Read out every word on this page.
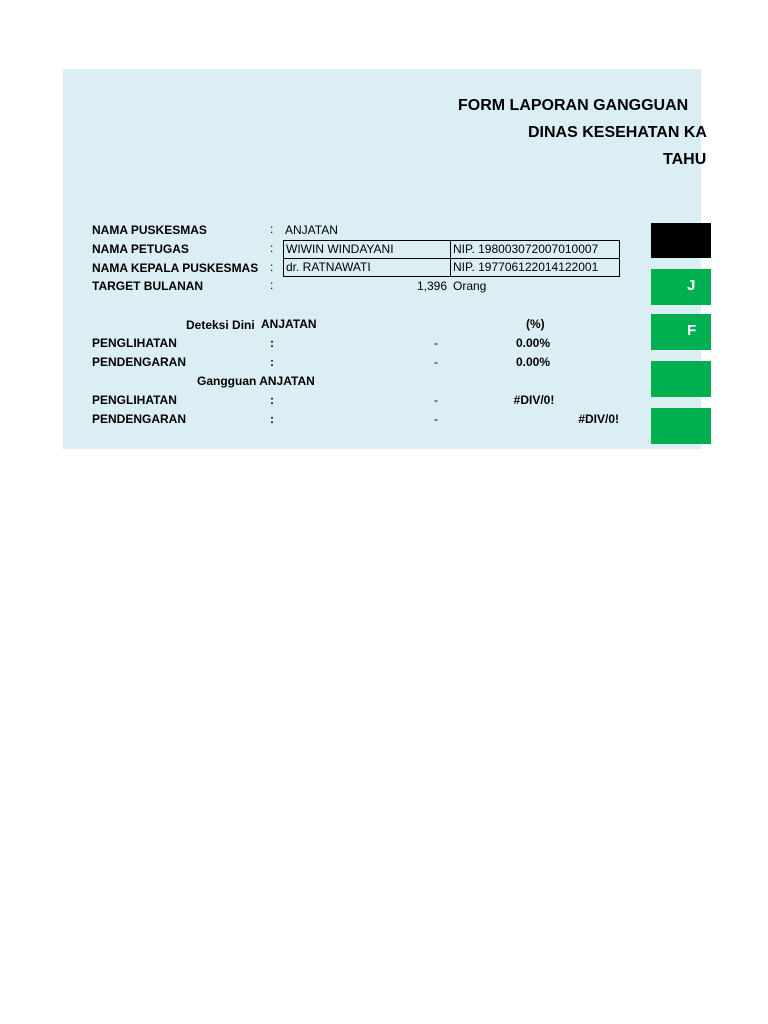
FORM LAPORAN GANGGUAN
DINAS KESEHATAN KA
TAHU
NAMA PUSKESMAS	: ANJATAN
NAMA PETUGAS	: WIWIN WINDAYANI	NIP. 198003072007010007
NAMA KEPALA PUSKESMAS : dr. RATNAWATI	NIP. 197706122014122001
TARGET BULANAN	:	1,396 Orang
Deteksi Dini ANJATAN	(%)
PENGLIHATAN	:	-	0.00%
PENDENGARAN	:	-	0.00%
Gangguan ANJATAN
PENGLIHATAN	:	-	#DIV/0!
PENDENGARAN	:	-	#DIV/0!
J
F
